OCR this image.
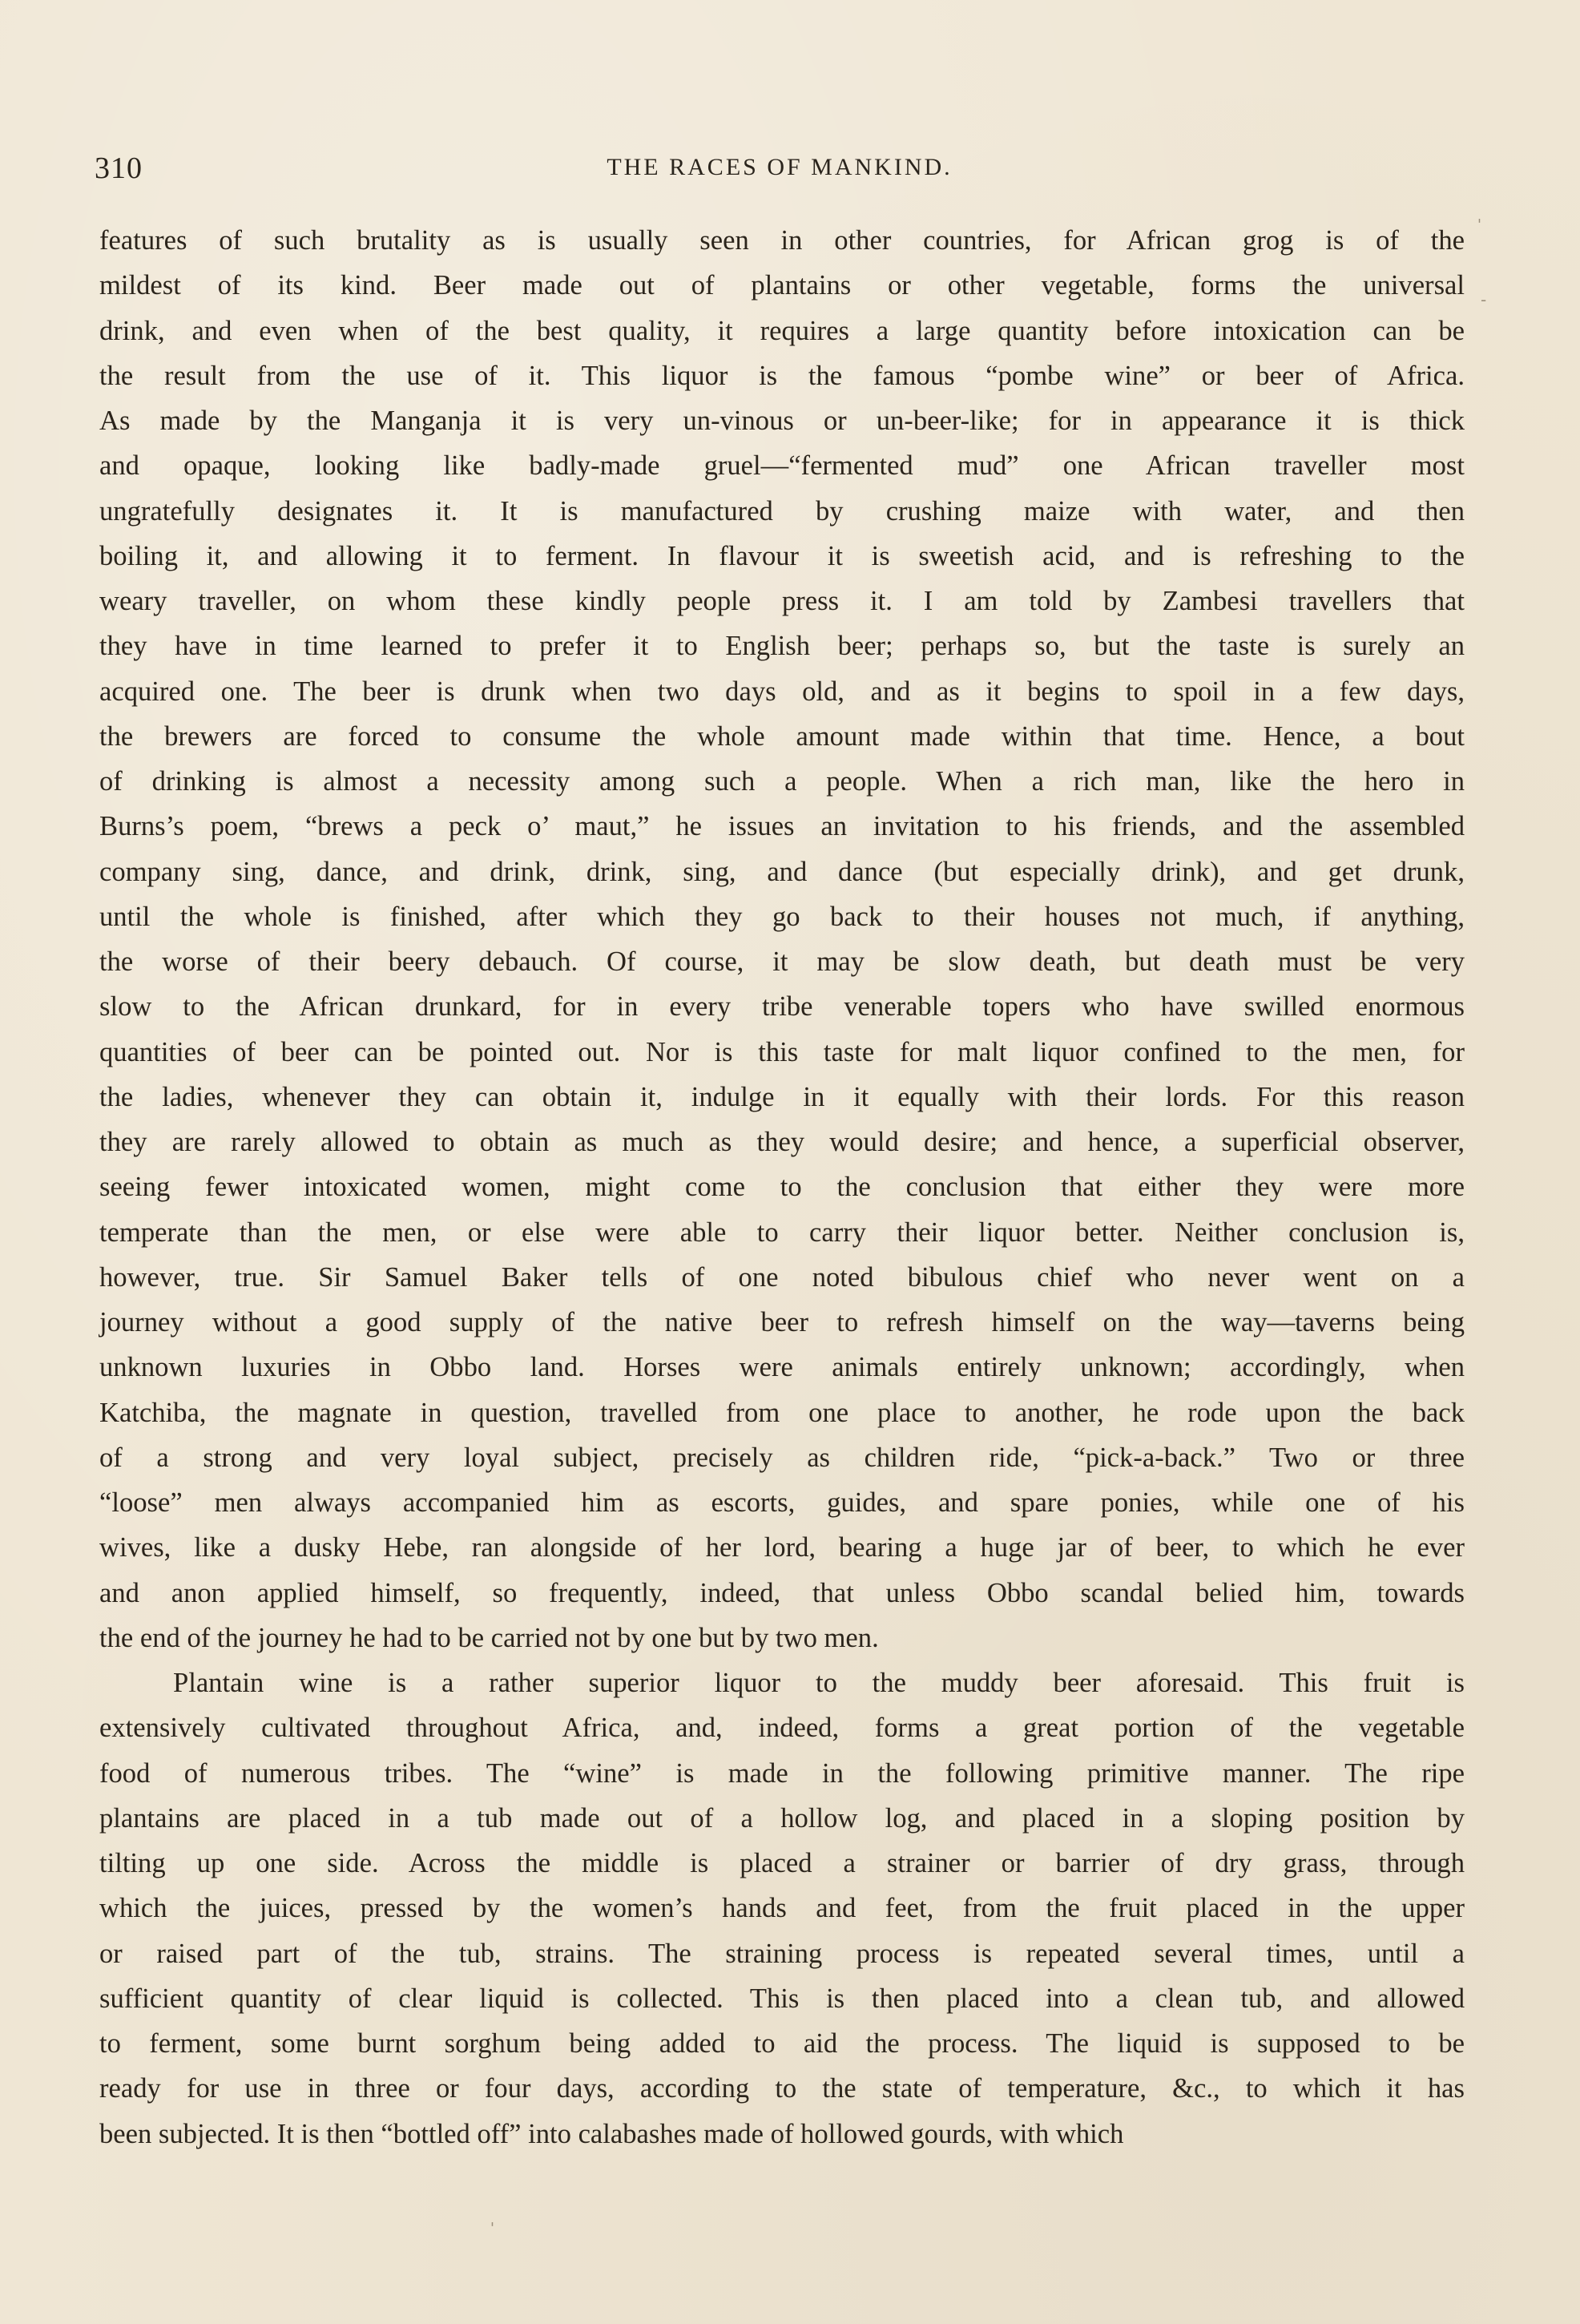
310	THE RACES OF MANKIND.
features of such brutality as is usually seen in other countries, for African grog is of the
mildest of its kind. Beer made out of plantains or other vegetable, forms the universal
drink, and even when of the best quality, it requires a large quantity before intoxication can be
the result from the use of it. This liquor is the famous “pombe wine” or beer of Africa.
As made by the Manganja it is very un-vinous or un-beer-like; for in appearance it is thick
and opaque, looking like badly-made gruel—“fermented mud” one African traveller most
ungratefully designates it. It is manufactured by crushing maize with water, and then
boiling it, and allowing it to ferment. In flavour it is sweetish acid, and is refreshing to the
weary traveller, on whom these kindly people press it. I am told by Zambesi travellers that
they have in time learned to prefer it to English beer; perhaps so, but the taste is surely an
acquired one. The beer is drunk when two days old, and as it begins to spoil in a few days,
the brewers are forced to consume the whole amount made within that time. Hence, a bout
of drinking is almost a necessity among such a people. When a rich man, like the hero in
Burns’s poem, “brews a peck o’ maut,” he issues an invitation to his friends, and the assembled
company sing, dance, and drink, drink, sing, and dance (but especially drink), and get drunk,
until the whole is finished, after which they go back to their houses not much, if anything,
the worse of their beery debauch. Of course, it may be slow death, but death must be very
slow to the African drunkard, for in every tribe venerable topers who have swilled enormous
quantities of beer can be pointed out. Nor is this taste for malt liquor confined to the men, for
the ladies, whenever they can obtain it, indulge in it equally with their lords. For this reason
they are rarely allowed to obtain as much as they would desire; and hence, a superficial observer,
seeing fewer intoxicated women, might come to the conclusion that either they were more
temperate than the men, or else were able to carry their liquor better. Neither conclusion is,
however, true. Sir Samuel Baker tells of one noted bibulous chief who never went on a
journey without a good supply of the native beer to refresh himself on the way—taverns being
unknown luxuries in Obbo land. Horses were animals entirely unknown; accordingly, when
Katchiba, the magnate in question, travelled from one place to another, he rode upon the back
of a strong and very loyal subject, precisely as children ride, “pick-a-back.” Two or three
“loose” men always accompanied him as escorts, guides, and spare ponies, while one of his
wives, like a dusky Hebe, ran alongside of her lord, bearing a huge jar of beer, to which he ever
and anon applied himself, so frequently, indeed, that unless Obbo scandal belied him, towards
the end of the journey he had to be carried not by one but by two men.
Plantain wine is a rather superior liquor to the muddy beer aforesaid. This fruit is
extensively cultivated throughout Africa, and, indeed, forms a great portion of the vegetable
food of numerous tribes. The “wine” is made in the following primitive manner. The ripe
plantains are placed in a tub made out of a hollow log, and placed in a sloping position by
tilting up one side. Across the middle is placed a strainer or barrier of dry grass, through
which the juices, pressed by the women’s hands and feet, from the fruit placed in the upper
or raised part of the tub, strains. The straining process is repeated several times, until a
sufficient quantity of clear liquid is collected. This is then placed into a clean tub, and allowed
to ferment, some burnt sorghum being added to aid the process. The liquid is supposed to be
ready for use in three or four days, according to the state of temperature, &c., to which it has
been subjected. It is then “bottled off” into calabashes made of hollowed gourds, with which
'
-
'
